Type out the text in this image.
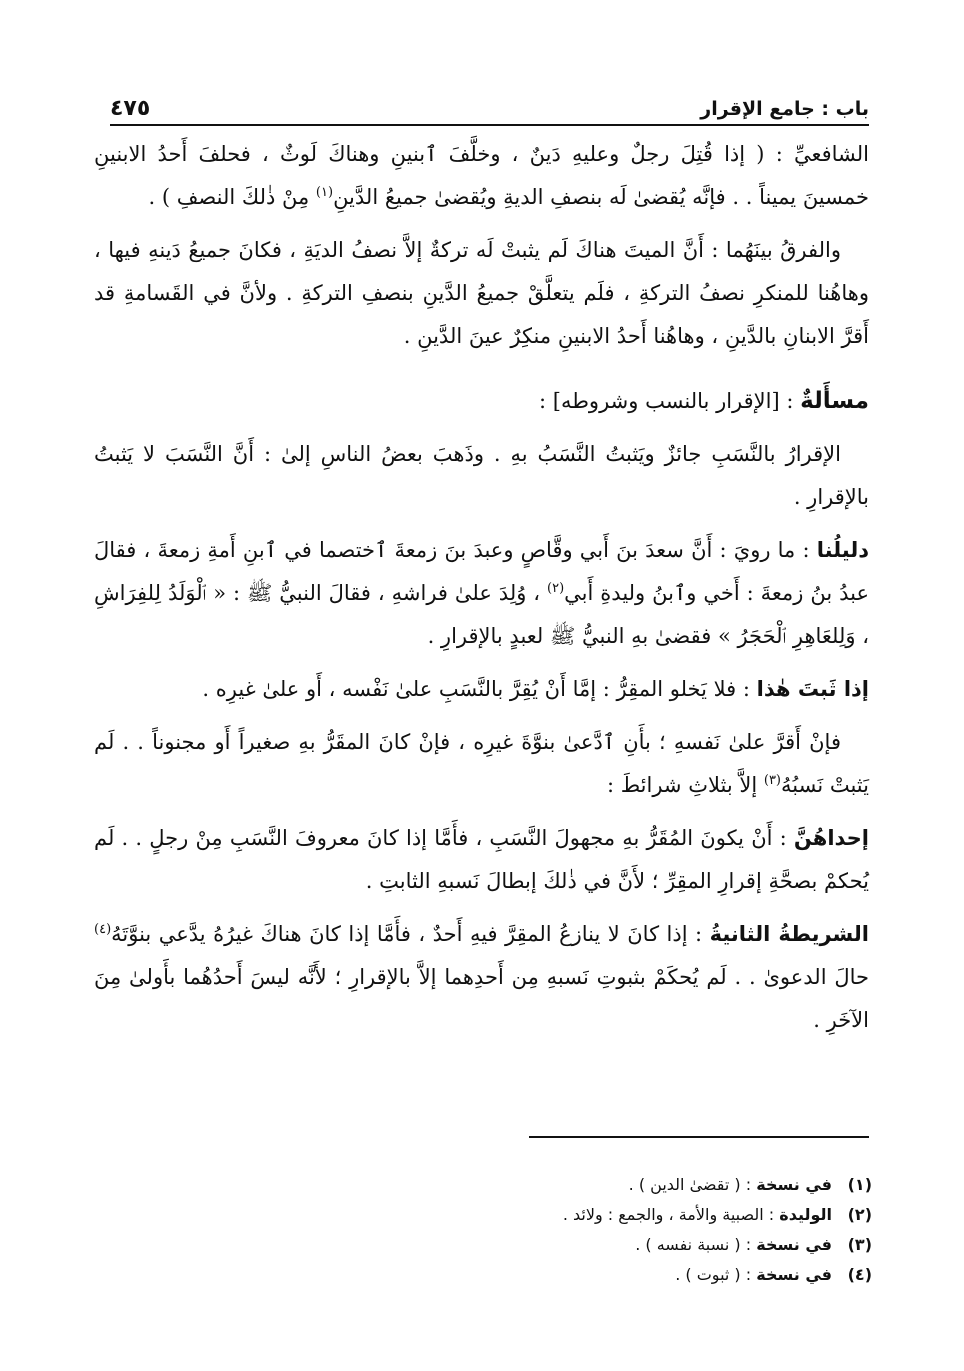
باب : جامع الإقرار
٤٧٥

الشافعيِّ : ( إذا قُتِلَ رجلٌ وعليهِ دَينٌ ، وخلَّفَ ٱبنينِ وهناكَ لَوثٌ ، فحلفَ أَحدُ الابنينِ خمسينَ يميناً . . فإنَّه يُقضىٰ لَه بنصفِ الديةِ ويُقضىٰ جميعُ الدَّينِ$^{(١)}$ مِنْ ذٰلكَ النصفِ ) .

والفرقُ بينَهُما : أَنَّ الميتَ هناكَ لَم يثبتْ لَه تركةٌ إلاَّ نصفُ الديَةِ ، فكانَ جميعُ دَينهِ فيها ، وهاهُنا للمنكرِ نصفُ التركةِ ، فلَم يتعلَّقْ جميعُ الدَّينِ بنصفِ التركةِ . ولأنَّ في القَسامةِ قد أَقرَّ الابنانِ بالدَّينِ ، وهاهُنا أَحدُ الابنينِ منكِرٌ عينَ الدَّينِ .

مسأَلةٌ : [الإقرار بالنسب وشروطه] :

الإقرارُ بالنَّسَبِ جائزٌ ويَثبتُ النَّسَبُ بهِ . وذَهبَ بعضُ الناسِ إلىٰ : أَنَّ النَّسَبَ لا يَثبتُ بالإقرارِ .

دليلُنا : ما رويَ : أَنَّ سعدَ بنَ أَبي وقَّاصٍ وعبدَ بنَ زمعةَ ٱختصما في ٱبنِ أَمةِ زمعةَ ، فقالَ عبدُ بنُ زمعةَ : أَخي وٱبنُ وليدةِ أَبي$^{(٢)}$ ، وُلِدَ علىٰ فراشهِ ، فقالَ النبيُّ ﷺ : « ٱلْوَلَدُ لِلفِرَاشِ ، وَلِلعَاهِرِ ٱلْحَجَرُ » فقضىٰ بهِ النبيُّ ﷺ لعبدٍ بالإقرارِ .

إذا ثَبتَ هٰذا : فلا يَخلو المقِرُّ : إمَّا أَنْ يُقِرَّ بالنَّسَبِ علىٰ نَفْسه ، أَو علىٰ غيرِه .

فإنْ أَقرَّ علىٰ نَفسهِ ؛ بأَنِ ٱدَّعىٰ بنوَّةَ غيرِه ، فإنْ كانَ المقَرُّ بهِ صغيراً أَو مجنوناً . . لَم يَثبتْ نَسبُهُ$^{(٣)}$ إلاَّ بثلاثِ شرائطَ :

إحداهُنَّ : أَنْ يكونَ المُقَرُّ بهِ مجهولَ النَّسَبِ ، فأَمَّا إذا كانَ معروفَ النَّسَبِ مِنْ رجلٍ . . لَم يُحكمْ بصحَّةِ إقرارِ المقِرِّ ؛ لأَنَّ في ذٰلكَ إبطالَ نَسبهِ الثابتِ .

الشريطةُ الثانيةُ : إذا كانَ لا ينازعُ المقِرَّ فيهِ أَحدٌ ، فأَمَّا إذا كانَ هناكَ غيرُهُ يدَّعي بنوَّتَهُ$^{(٤)}$ حالَ الدعوىٰ . . لَم يُحكَمْ بثبوتِ نَسبهِ مِن أَحدِهما إلاَّ بالإقرارِ ؛ لأَنَّه ليسَ أَحدُهُما بأَولىٰ مِنَ الآخَرِ .

(١)
في نسخة : ( تقضىٰ الدين ) .
(٢)
الوليدة : الصبية والأمة ، والجمع : ولائد .
(٣)
في نسخة : ( نسبة نفسه ) .
(٤)
في نسخة : ( ثبوت ) .
